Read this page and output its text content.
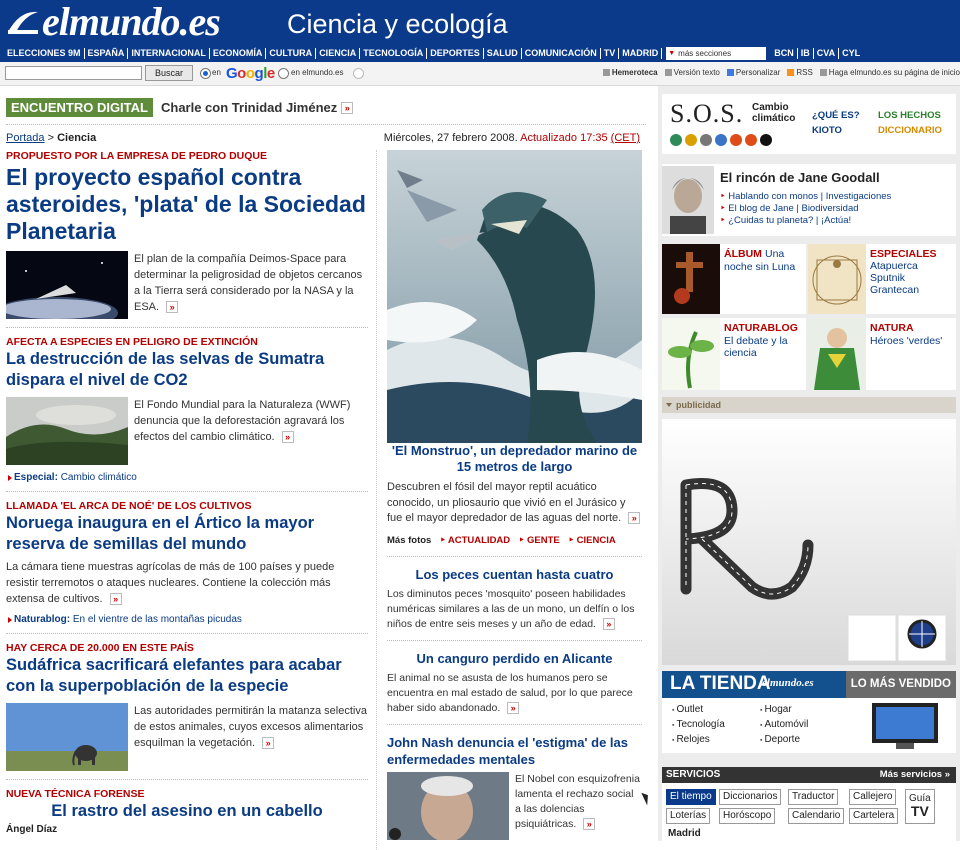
elmundo.es Ciencia y ecología
ELECCIONES 9M ESPAÑA INTERNACIONAL ECONOMÍA CULTURA CIENCIA TECNOLOGÍA DEPORTES SALUD COMUNICACIÓN TV MADRID	▼ más secciones	BCN IB CVA CYL
Buscar	en Google en elmundo.es	Hemeroteca Versión texto Personalizar RSS Haga elmundo.es su página de inicio
ENCUENTRO DIGITAL	Charle con Trinidad Jiménez »
Portada > Ciencia
PROPUESTO POR LA EMPRESA DE PEDRO DUQUE
El proyecto español contra asteroides, 'plata' de la Sociedad Planetaria

El plan de la compañía Deimos-Space para determinar la peligrosidad de objetos cercanos a la Tierra será considerado por la NASA y la ESA. »

AFECTA A ESPECIES EN PELIGRO DE EXTINCIÓN
La destrucción de las selvas de Sumatra dispara el nivel de CO2

El Fondo Mundial para la Naturaleza (WWF) denuncia que la deforestación agravará los efectos del cambio climático. »

Especial: Cambio climático
LLAMADA 'EL ARCA DE NOÉ' DE LOS CULTIVOS
Noruega inaugura en el Ártico la mayor reserva de semillas del mundo

La cámara tiene muestras agrícolas de más de 100 países y puede resistir terremotos o ataques nucleares. Contiene la colección más extensa de cultivos. »

Naturablog: En el vientre de las montañas picudas
HAY CERCA DE 20.000 EN ESTE PAÍS
Sudáfrica sacrificará elefantes para acabar con la superpoblación de la especie

Las autoridades permitirán la matanza selectiva de estos animales, cuyos excesos alimentarios esquilman la vegetación. »

NUEVA TÉCNICA FORENSE
El rastro del asesino en un cabello
Ángel Díaz
Miércoles, 27 febrero 2008. Actualizado 17:35 (CET)
'El Monstruo', un depredador marino de 15 metros de largo

Descubren el fósil del mayor reptil acuático conocido, un pliosaurio que vivió en el Jurásico y fue el mayor depredador de las aguas del norte. »

Más fotos ‣ ACTUALIDAD ‣ GENTE ‣ CIENCIA
Los peces cuentan hasta cuatro
Los diminutos peces 'mosquito' poseen habilidades numéricas similares a las de un mono, un delfín o los niños de entre seis meses y un año de edad. »
Un canguro perdido en Alicante
El animal no se asusta de los humanos pero se encuentra en mal estado de salud, por lo que parece haber sido abandonado. »
John Nash denuncia el 'estigma' de las enfermedades mentales
El Nobel con esquizofrenia lamenta el rechazo social a las dolencias psiquiátricas. »
S.O.S. Cambio
climático ¿QUÉ ES?
KIOTO
LOS HECHOS
DICCIONARIO
El rincón de Jane Goodall
‣ Hablando con monos | Investigaciones
‣ El blog de Jane | Biodiversidad
‣ ¿Cuidas tu planeta? | ¡Actúa!
ÁLBUM Una noche sin Luna
ESPECIALES
Atapuerca
Sputnik
Grantecan
NATURABLOG
El debate y la ciencia
NATURA
Héroes 'verdes'
publicidad
LA TIENDA
elmundo.es	LO MÁS VENDIDO
▪ Outlet
▪ Tecnología
▪ Relojes
▪ Hogar
▪ Automóvil
▪ Deporte
SERVICIOS	Más servicios »
El tiempo	Diccionarios	Traductor	Callejero
Loterías	Horóscopo	Calendario	Cartelera
Guía
TV
Madrid
